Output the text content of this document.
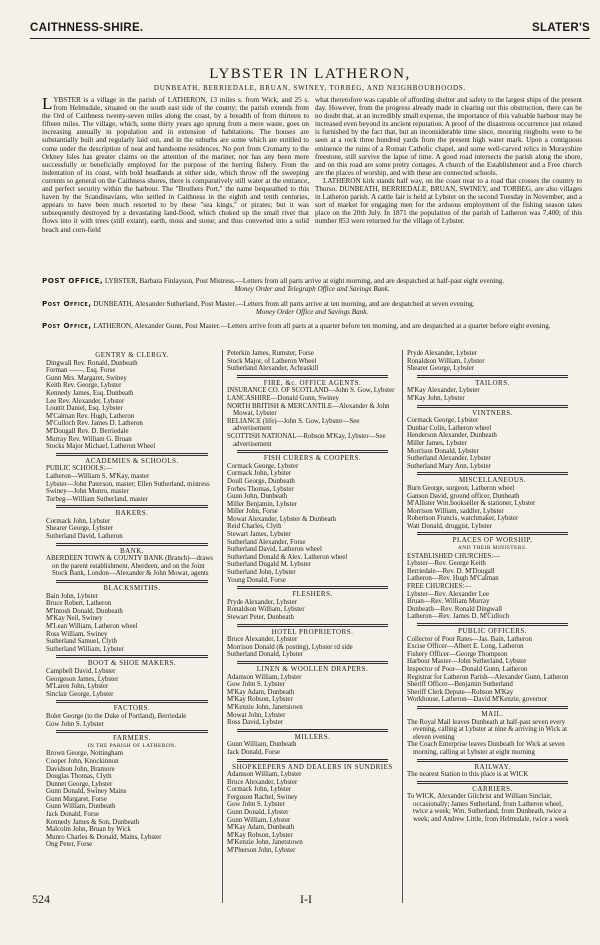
CAITHNESS-SHIRE.	SLATER'S
LYBSTER IN LATHERON,
DUNBEATH, BERRIEDALE, BRUAN, SWINEY, TORBEG, AND NEIGHBOURHOODS.

LYBSTER is a village in the parish of LATHERON, 13 miles s. from Wick, and 25 s. from Helmsdale, situated on the south east side of the county; the parish extends from the Ord of Caithness twenty-seven miles along the coast, by a breadth of from thirteen to fifteen miles. The village, which, some thirty years ago sprung from a mere waste, goes on increasing annually in population and in extension of habitations. The houses are substantially built and regularly laid out, and in the suburbs are some which are entitled to come under the description of neat and handsome residences. No port from Cromarty to the Orkney Isles has greater claims on the attention of the mariner, nor has any been more successfully or beneficially employed for the purpose of the herring fishery. From the indentation of its coast, with bold headlands at either side, which throw off the sweeping currents so general on the Caithness shores, there is comparatively still water at the entrance, and perfect security within the harbour. The "Brothers Port," the name bequeathed to this haven by the Scandinavians, who settled in Caithness in the eighth and tenth centuries, appears to have been much resorted to by these "sea kings," or pirates; but it was subsequently destroyed by a devastating land-flood, which choked up the small river that flows into it with trees (still extant), earth, moss and stone; and thus converted into a solid beach and corn-field

what theretofore was capable of affording shelter and safety to the largest ships of the present day. However, from the progress already made in clearing out this obstruction, there can be no doubt that, at an incredibly small expense, the importance of this valuable harbour may be increased even beyond its ancient reputation. A proof of the disastrous occurrence just related is furnished by the fact that, but an inconsiderable time since, mooring ringbolts were to be seen at a rock three hundred yards from the present high water mark. Upon a contiguous eminence the ruins of a Roman Catholic chapel, and some well-carved relics in Morayshire freestone, still survive the lapse of time. A good road intersects the parish along the shore, and on this road are some pretty cottages. A church of the Establishment and a Free church are the places of worship, and with these are connected schools.

LATHERON kirk stands half way, on the coast near to a road that crosses the country to Thurso. DUNBEATH, BERRIEDALE, BRUAN, SWINEY, and TORBEG, are also villages in Latheron parish. A cattle fair is held at Lybster on the second Tuesday in November, and a sort of market for engaging men for the arduous employment of the fishing season takes place on the 20th July. In 1871 the population of the parish of Latheron was 7,400; of this number 853 were returned for the village of Lybster.

POST OFFICE, LYBSTER, Barbara Finlayson, Post Mistress.—Letters from all parts arrive at eight morning, and are despatched at half-past eight evening.

Money Order and Telegraph Office and Savings Bank.

Post Office, DUNBEATH, Alexander Sutherland, Post Master.—Letters from all parts arrive at ten morning, and are despatched at seven evening.

Money Order Office and Savings Bank.

Post Office, LATHERON, Alexander Gunn, Post Master.—Letters arrive from all parts at a quarter before ten morning, and are despatched at a quarter before eight evening.

GENTRY & CLERGY.
Dingwall Rev. Ronald, Dunbeath
Forman ——, Esq. Forse
Gunn Mrs. Margaret, Swiney
Keith Rev. George, Lybster
Kennedy James, Esq. Dunbeath
Lee Rev. Alexander, Lybster
Louttit Daniel, Esq. Lybster
M'Calman Rev. Hugh, Latheron
M'Culloch Rev. James D. Latheron
M'Dougall Rev. D. Berriedale
Murray Rev. William G. Bruan
Stocks Major Michael, Latheron Wheel
ACADEMIES & SCHOOLS.
PUBLIC SCHOOLS:—
Latheron—William S. M'Kay, master
Lybster—John Paterson, master; Ellen Sutherland, mistress
Swiney—John Munro, master
Torbeg—William Sutherland, master
BAKERS.
Cormack John, Lybster
Shearer George, Lybster
Sutherland David, Latheron
BANK.
ABERDEEN TOWN & COUNTY BANK (Branch)—draws on the parent establishment, Aberdeen, and on the Joint Stock Bank, London—Alexander & John Mowat, agents
BLACKSMITHS.
Bain John, Lybster
Bruce Robert, Latheron
M'Intosh Donald, Dunbeath
M'Kay Neil, Swiney
M'Lean William, Latheron wheel
Ross William, Swiney
Sutherland Samuel, Clyth
Sutherland William, Lybster
BOOT & SHOE MAKERS.
Campbell David, Lybster
Georgeson James, Lybster
M'Laren John, Lybster
Sinclair George, Lybster
FACTORS.
Boler George (to the Duke of Portland), Berriedale
Gow John S. Lybster
FARMERS.
IN THE PARISH OF LATHERON.
Brown George, Nottingham
Cooper John, Knockinnon
Davidson John, Bramore
Douglas Thomas, Clyth
Dunnet George, Lybster
Gunn Donald, Swiney Mains
Gunn Margaret, Forse
Gunn William, Dunbeath
Jack Donald, Forse
Kennedy James & Son, Dunbeath
Malcolm John, Bruan by Wick
Munro Charles & Donald, Mains, Lybster
Ong Peter, Forse
Peterkin James, Rumster, Forse
Stock Major, of Latheron Wheel
Sutherland Alexander, Achraskill
FIRE, &c. OFFICE AGENTS.
INSURANCE CO. OF SCOTLAND—John S. Gow, Lybster
LANCASHIRE—Donald Gunn, Swiney
NORTH BRITISH & MERCANTILE—Alexander & John Mowat, Lybster
RELIANCE (life)—John S. Gow, Lybster—See advertisement
SCOTTISH NATIONAL—Robson M'Kay, Lybster—See advertisement
FISH CURERS & COOPERS.
Cormack George, Lybster
Cormack John, Lybster
Doull George, Dunbeath
Forbes Thomas, Lybster
Gunn John, Dunbeath
Miller Benjamin, Lybster
Miller John, Forse
Mowat Alexander, Lybster & Dunbeath
Reid Charles, Clyth
Stewart James, Lybster
Sutherland Alexander, Forse
Sutherland David, Latheron wheel
Sutherland Donald & Alex. Latheron wheel
Sutherland Dugald M. Lybster
Sutherland John, Lybster
Young Donald, Forse
FLESHERS.
Pryde Alexander, Lybster
Ronaldson William, Lybster
Stewart Peter, Dunbeath
HOTEL PROPRIETORS.
Bruce Alexander, Lybster
Morrison Donald (& posting), Lybster rd side
Sutherland Donald, Lybster
LINEN & WOOLLEN DRAPERS.
Adamson William, Lybster
Gow John S. Lybster
M'Kay Adam, Dunbeath
M'Kay Robson, Lybster
M'Kenzie John, Janetstown
Mowat John, Lybster
Ross David, Lybster
MILLERS.
Gunn William, Dunbeath
Jack Donald, Forse
SHOPKEEPERS AND DEALERS IN SUNDRIES
Adamson William, Lybster
Bruce Alexander, Lybster
Cormack John, Lybster
Ferguson Rachel, Swiney
Gow John S. Lybster
Gunn Donald, Lybster
Gunn William, Lybster
M'Kay Adam, Dunbeath
M'Kay Robson, Lybster
M'Kenzie John, Janetstown
M'Pherson John, Lybster
Pryde Alexander, Lybster
Ronaldson William, Lybster
Shearer George, Lybster
TAILORS.
M'Kay Alexander, Lybster
M'Kay John, Lybster
VINTNERS.
Cormack George, Lybster
Dunbar Colin, Latheron wheel
Henderson Alexander, Dunbeath
Miller James, Lybster
Morrison Donald, Lybster
Sutherland Alexander, Lybster
Sutherland Mary Ann, Lybster
MISCELLANEOUS.
Burn George, surgeon, Latheron wheel
Ganson David, ground officer, Dunbeath
M'Allister Wm.bookseller & stationer, Lybster
Morrison William, saddler, Lybster
Robertson Francis, watchmaker, Lybster
Watt Donald, druggist, Lybster
PLACES OF WORSHIP,
AND THEIR MINISTERS.
ESTABLISHED CHURCHES:—
Lybster—Rev. George Keith
Berriedale—Rev. D. M'Dougall
Latheron—Rev. Hugh M'Calman
FREE CHURCHES:—
Lybster—Rev. Alexander Lee
Bruan—Rev. William Murray
Dunbeath—Rev. Ronald Dingwall
Latheron—Rev. James D. M'Culloch
PUBLIC OFFICERS.
Collector of Poor Rates—Jas. Bain, Latheron
Excise Officer—Albert E. Long, Latheron
Fishery Officer—George Thompson
Harbour Master—John Sutherland, Lybster
Inspector of Poor—Donald Gunn, Latheron
Registrar for Latheron Parish—Alexander Gunn, Latheron
Sheriff Officer—Benjamin Sutherland
Sheriff Clerk Depute—Robson M'Kay
Workhouse, Latheron—David M'Kenzie, governor
MAIL.
The Royal Mail leaves Dunbeath at half-past seven every evening, calling at Lybster at nine & arriving in Wick at eleven evening
The Coach Enterprise leaves Dunbeath for Wick at seven morning, calling at Lybster at eight morning
RAILWAY.
The nearest Station to this place is at WICK
CARRIERS.
To WICK, Alexander Gilchrist and William Sinclair, occasionally; James Sutherland, from Latheron wheel, twice a week; Wm. Sutherland, from Dunbeath, twice a week; and Andrew Little, from Helmsdale, twice a week
524	I-I
